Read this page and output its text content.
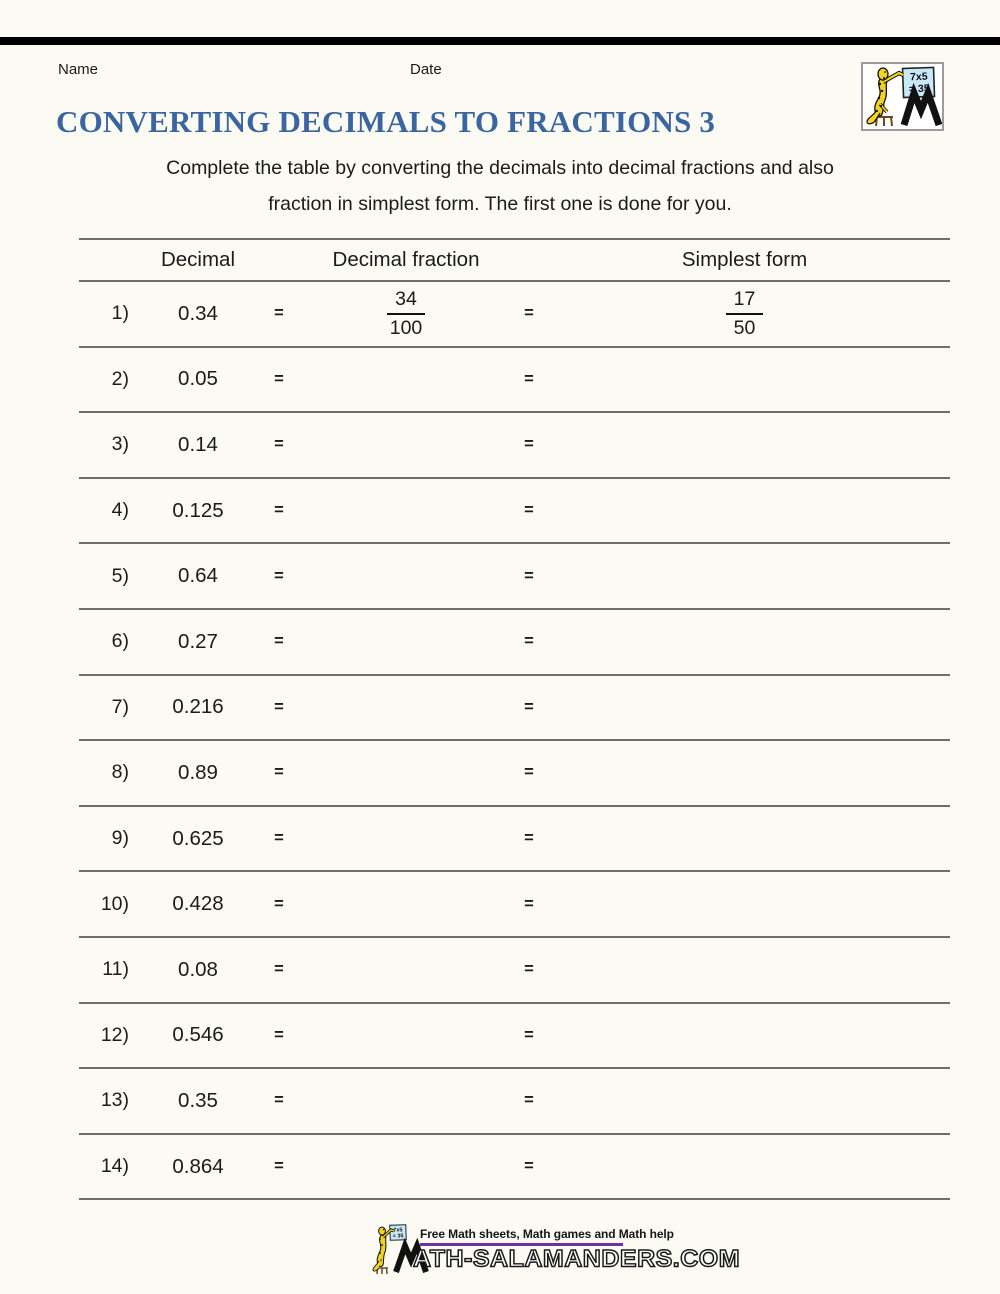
Name	Date	7x5
= 35
CONVERTING DECIMALS TO FRACTIONS 3
Complete the table by converting the decimals into decimal fractions and also
fraction in simplest form. The first one is done for you.
Decimal	Decimal fraction	Simplest form
1)	0.34	=	$\frac{34}{100}$	=	$\frac{17}{50}$
2)	0.05	=	=
3)	0.14	=	=
4)	0.125	=	=
5)	0.64	=	=
6)	0.27	=	=
7)	0.216	=	=
8)	0.89	=	=
9)	0.625	=	=
10)	0.428	=	=
11)	0.08	=	=
12)	0.546	=	=
13)	0.35	=	=
14)	0.864	=	=
7x5
= 35 Free Math sheets, Math games and Math help
ATH-SALAMANDERS.COM
